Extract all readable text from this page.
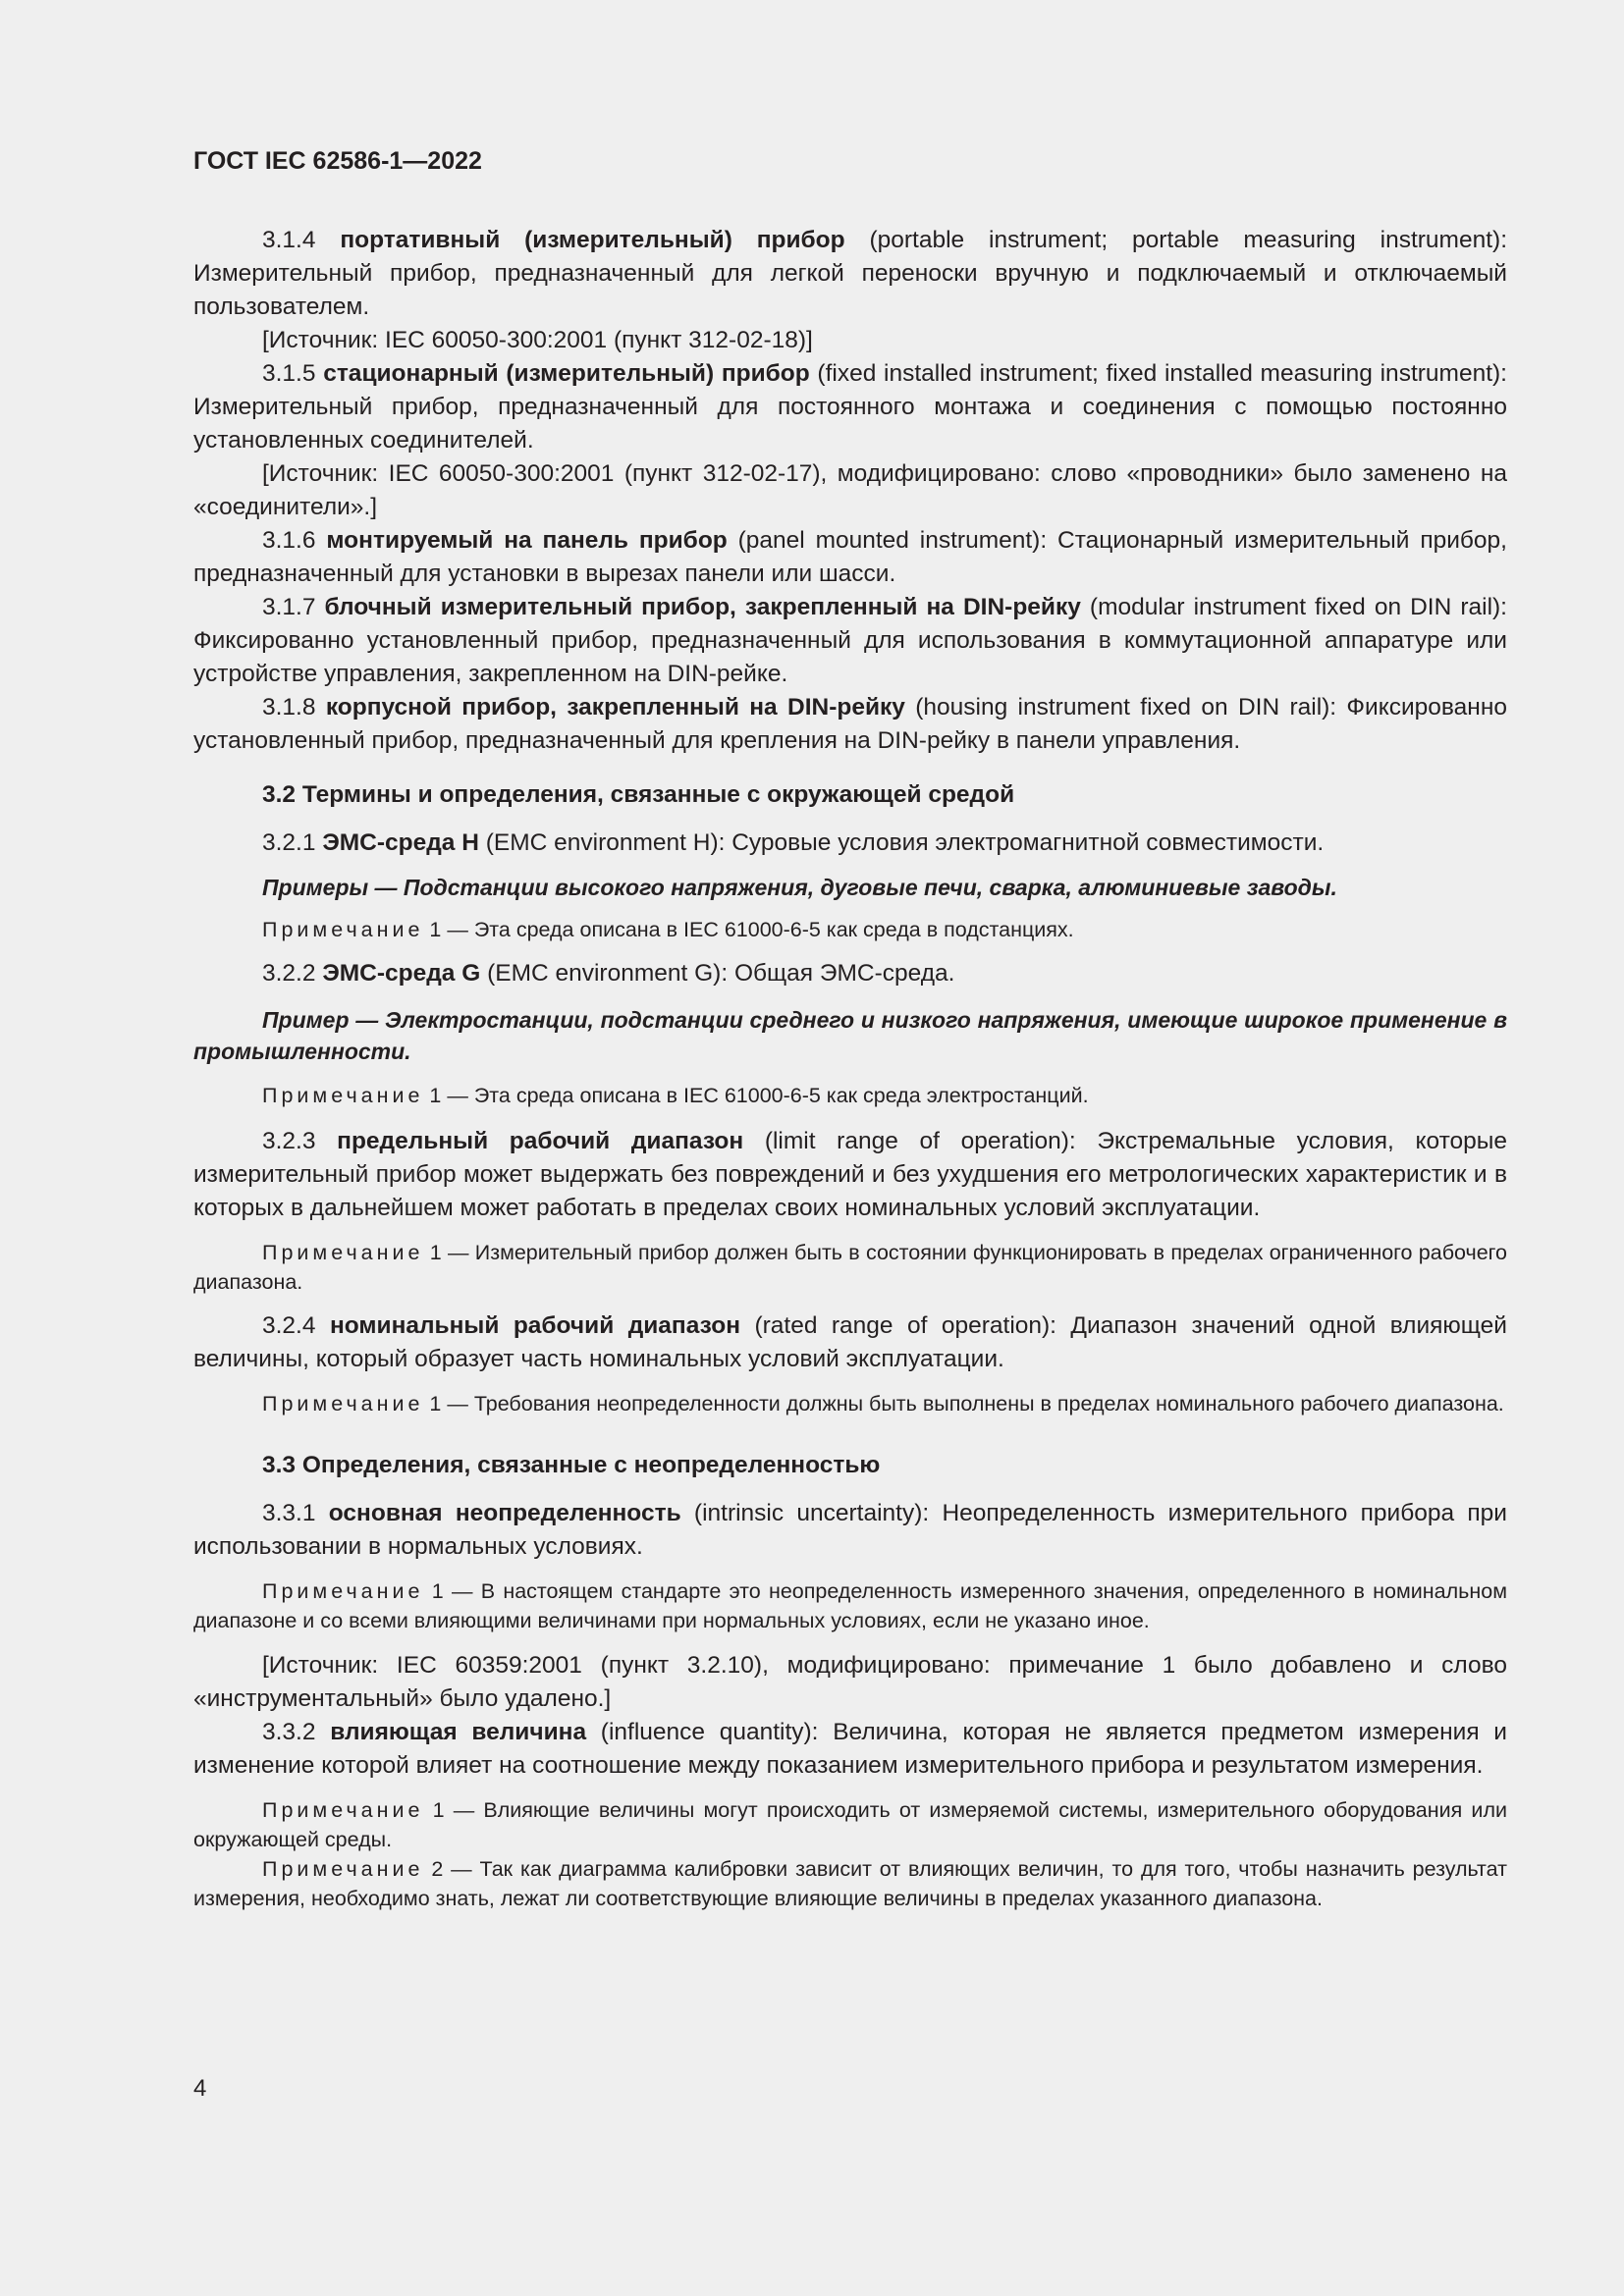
ГОСТ IEC 62586-1—2022

3.1.4 портативный (измерительный) прибор (portable instrument; portable measuring instrument): Измерительный прибор, предназначенный для легкой переноски вручную и подключаемый и отключаемый пользователем.

[Источник: IEC 60050-300:2001 (пункт 312-02-18)]

3.1.5 стационарный (измерительный) прибор (fixed installed instrument; fixed installed measuring instrument): Измерительный прибор, предназначенный для постоянного монтажа и соединения с помощью постоянно установленных соединителей.

[Источник: IEC 60050-300:2001 (пункт 312-02-17), модифицировано: слово «проводники» было заменено на «соединители».]

3.1.6 монтируемый на панель прибор (panel mounted instrument): Стационарный измерительный прибор, предназначенный для установки в вырезах панели или шасси.

3.1.7 блочный измерительный прибор, закрепленный на DIN-рейку (modular instrument fixed on DIN rail): Фиксированно установленный прибор, предназначенный для использования в коммутационной аппаратуре или устройстве управления, закрепленном на DIN-рейке.

3.1.8 корпусной прибор, закрепленный на DIN-рейку (housing instrument fixed on DIN rail): Фиксированно установленный прибор, предназначенный для крепления на DIN-рейку в панели управления.

3.2 Термины и определения, связанные с окружающей средой

3.2.1 ЭМС-среда H (EMC environment H): Суровые условия электромагнитной совместимости.

Примеры — Подстанции высокого напряжения, дуговые печи, сварка, алюминиевые заводы.

Примечание 1 — Эта среда описана в IEC 61000-6-5 как среда в подстанциях.

3.2.2 ЭМС-среда G (EMC environment G): Общая ЭМС-среда.

Пример — Электростанции, подстанции среднего и низкого напряжения, имеющие широкое применение в промышленности.

Примечание 1 — Эта среда описана в IEC 61000-6-5 как среда электростанций.

3.2.3 предельный рабочий диапазон (limit range of operation): Экстремальные условия, которые измерительный прибор может выдержать без повреждений и без ухудшения его метрологических характеристик и в которых в дальнейшем может работать в пределах своих номинальных условий эксплуатации.

Примечание 1 — Измерительный прибор должен быть в состоянии функционировать в пределах ограниченного рабочего диапазона.

3.2.4 номинальный рабочий диапазон (rated range of operation): Диапазон значений одной влияющей величины, который образует часть номинальных условий эксплуатации.

Примечание 1 — Требования неопределенности должны быть выполнены в пределах номинального рабочего диапазона.

3.3 Определения, связанные с неопределенностью

3.3.1 основная неопределенность (intrinsic uncertainty): Неопределенность измерительного прибора при использовании в нормальных условиях.

Примечание 1 — В настоящем стандарте это неопределенность измеренного значения, определенного в номинальном диапазоне и со всеми влияющими величинами при нормальных условиях, если не указано иное.

[Источник: IEC 60359:2001 (пункт 3.2.10), модифицировано: примечание 1 было добавлено и слово «инструментальный» было удалено.]

3.3.2 влияющая величина (influence quantity): Величина, которая не является предметом измерения и изменение которой влияет на соотношение между показанием измерительного прибора и результатом измерения.

Примечание 1 — Влияющие величины могут происходить от измеряемой системы, измерительного оборудования или окружающей среды.

Примечание 2 — Так как диаграмма калибровки зависит от влияющих величин, то для того, чтобы назначить результат измерения, необходимо знать, лежат ли соответствующие влияющие величины в пределах указанного диапазона.

4
